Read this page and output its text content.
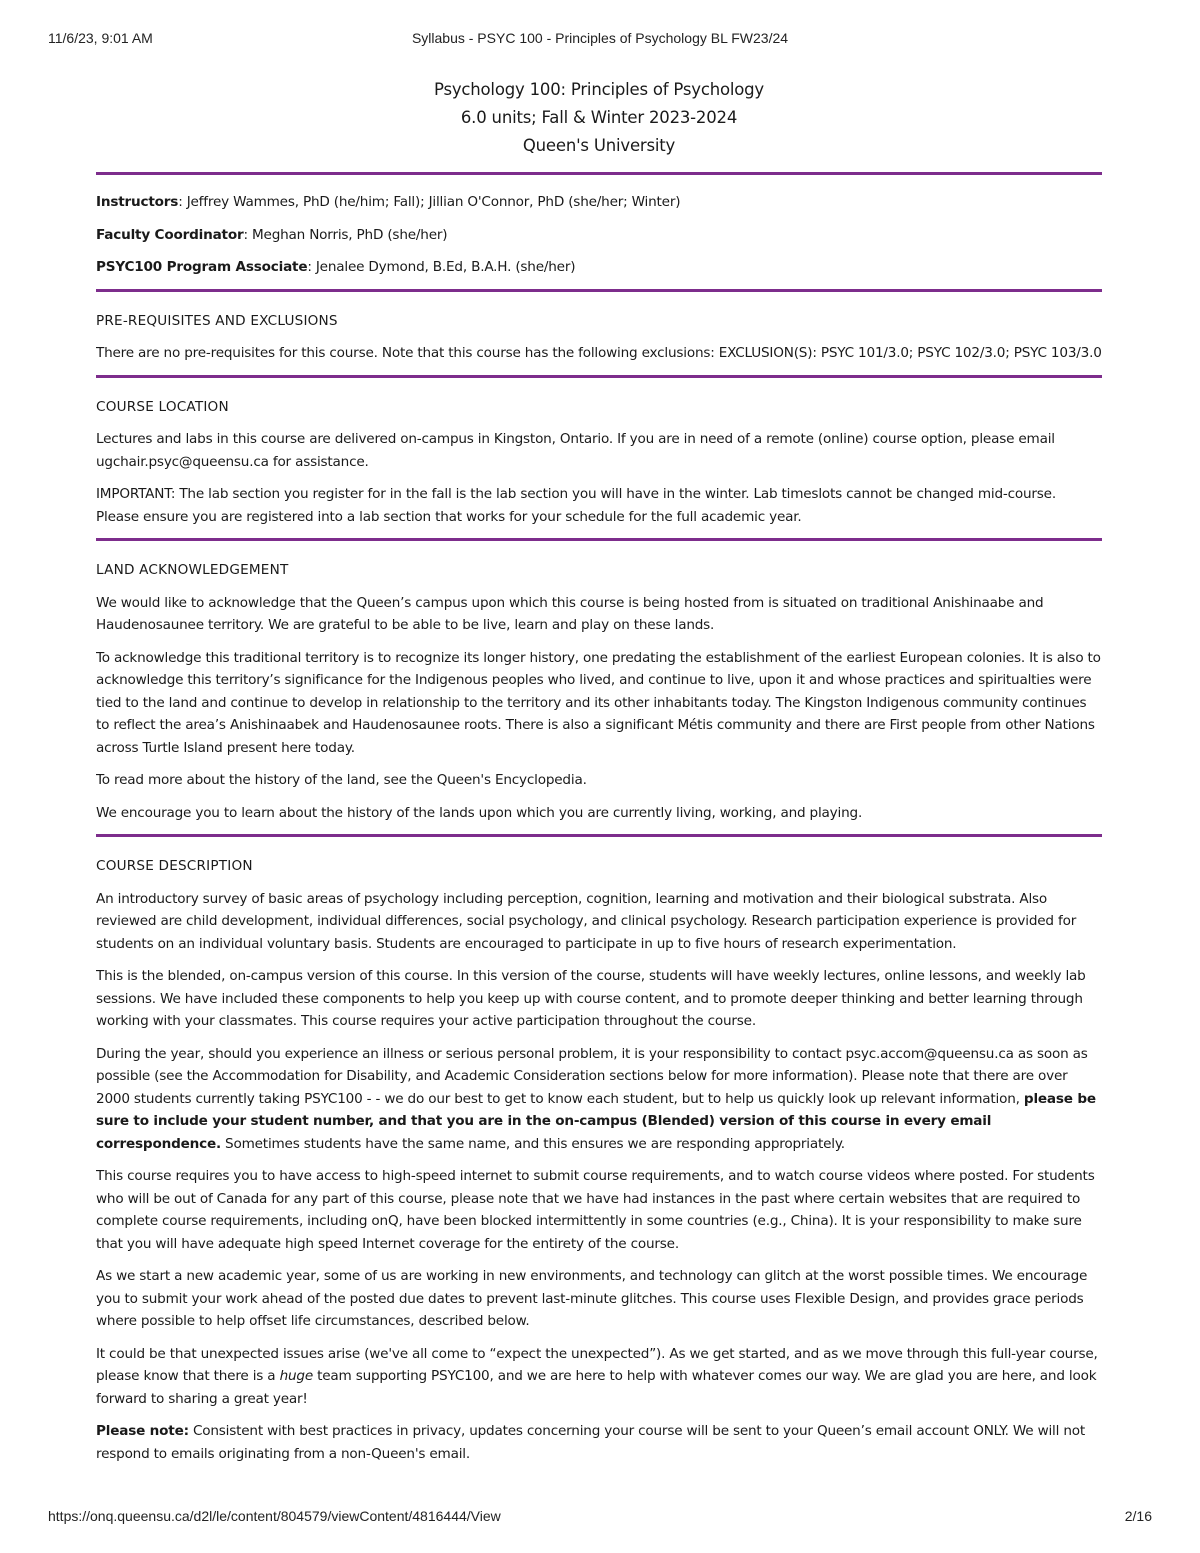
11/6/23, 9:01 AM	Syllabus - PSYC 100 - Principles of Psychology BL FW23/24
Psychology 100: Principles of Psychology
6.0 units; Fall & Winter 2023-2024
Queen's University

Instructors: Jeffrey Wammes, PhD (he/him; Fall); Jillian O'Connor, PhD (she/her; Winter)

Faculty Coordinator: Meghan Norris, PhD (she/her)

PSYC100 Program Associate: Jenalee Dymond, B.Ed, B.A.H. (she/her)

PRE-REQUISITES AND EXCLUSIONS

There are no pre-requisites for this course. Note that this course has the following exclusions: EXCLUSION(S): PSYC 101/3.0; PSYC 102/3.0; PSYC 103/3.0

COURSE LOCATION

Lectures and labs in this course are delivered on-campus in Kingston, Ontario. If you are in need of a remote (online) course option, please email ugchair.psyc@queensu.ca for assistance.

IMPORTANT: The lab section you register for in the fall is the lab section you will have in the winter. Lab timeslots cannot be changed mid-course. Please ensure you are registered into a lab section that works for your schedule for the full academic year.

LAND ACKNOWLEDGEMENT

We would like to acknowledge that the Queen’s campus upon which this course is being hosted from is situated on traditional Anishinaabe and Haudenosaunee territory. We are grateful to be able to be live, learn and play on these lands.

To acknowledge this traditional territory is to recognize its longer history, one predating the establishment of the earliest European colonies. It is also to acknowledge this territory’s significance for the Indigenous peoples who lived, and continue to live, upon it and whose practices and spiritualties were tied to the land and continue to develop in relationship to the territory and its other inhabitants today. The Kingston Indigenous community continues to reflect the area’s Anishinaabek and Haudenosaunee roots. There is also a significant Métis community and there are First people from other Nations across Turtle Island present here today.

To read more about the history of the land, see the Queen's Encyclopedia.

We encourage you to learn about the history of the lands upon which you are currently living, working, and playing.

COURSE DESCRIPTION

An introductory survey of basic areas of psychology including perception, cognition, learning and motivation and their biological substrata. Also reviewed are child development, individual differences, social psychology, and clinical psychology. Research participation experience is provided for students on an individual voluntary basis. Students are encouraged to participate in up to five hours of research experimentation.

This is the blended, on-campus version of this course. In this version of the course, students will have weekly lectures, online lessons, and weekly lab sessions. We have included these components to help you keep up with course content, and to promote deeper thinking and better learning through working with your classmates. This course requires your active participation throughout the course.

During the year, should you experience an illness or serious personal problem, it is your responsibility to contact psyc.accom@queensu.ca as soon as possible (see the Accommodation for Disability, and Academic Consideration sections below for more information). Please note that there are over 2000 students currently taking PSYC100 - - we do our best to get to know each student, but to help us quickly look up relevant information, please be sure to include your student number, and that you are in the on-campus (Blended) version of this course in every email correspondence. Sometimes students have the same name, and this ensures we are responding appropriately.

This course requires you to have access to high-speed internet to submit course requirements, and to watch course videos where posted. For students who will be out of Canada for any part of this course, please note that we have had instances in the past where certain websites that are required to complete course requirements, including onQ, have been blocked intermittently in some countries (e.g., China). It is your responsibility to make sure that you will have adequate high speed Internet coverage for the entirety of the course.

As we start a new academic year, some of us are working in new environments, and technology can glitch at the worst possible times. We encourage you to submit your work ahead of the posted due dates to prevent last-minute glitches. This course uses Flexible Design, and provides grace periods where possible to help offset life circumstances, described below.

It could be that unexpected issues arise (we've all come to “expect the unexpected”). As we get started, and as we move through this full-year course, please know that there is a huge team supporting PSYC100, and we are here to help with whatever comes our way. We are glad you are here, and look forward to sharing a great year!

Please note: Consistent with best practices in privacy, updates concerning your course will be sent to your Queen’s email account ONLY. We will not respond to emails originating from a non-Queen's email.

https://onq.queensu.ca/d2l/le/content/804579/viewContent/4816444/View	2/16
